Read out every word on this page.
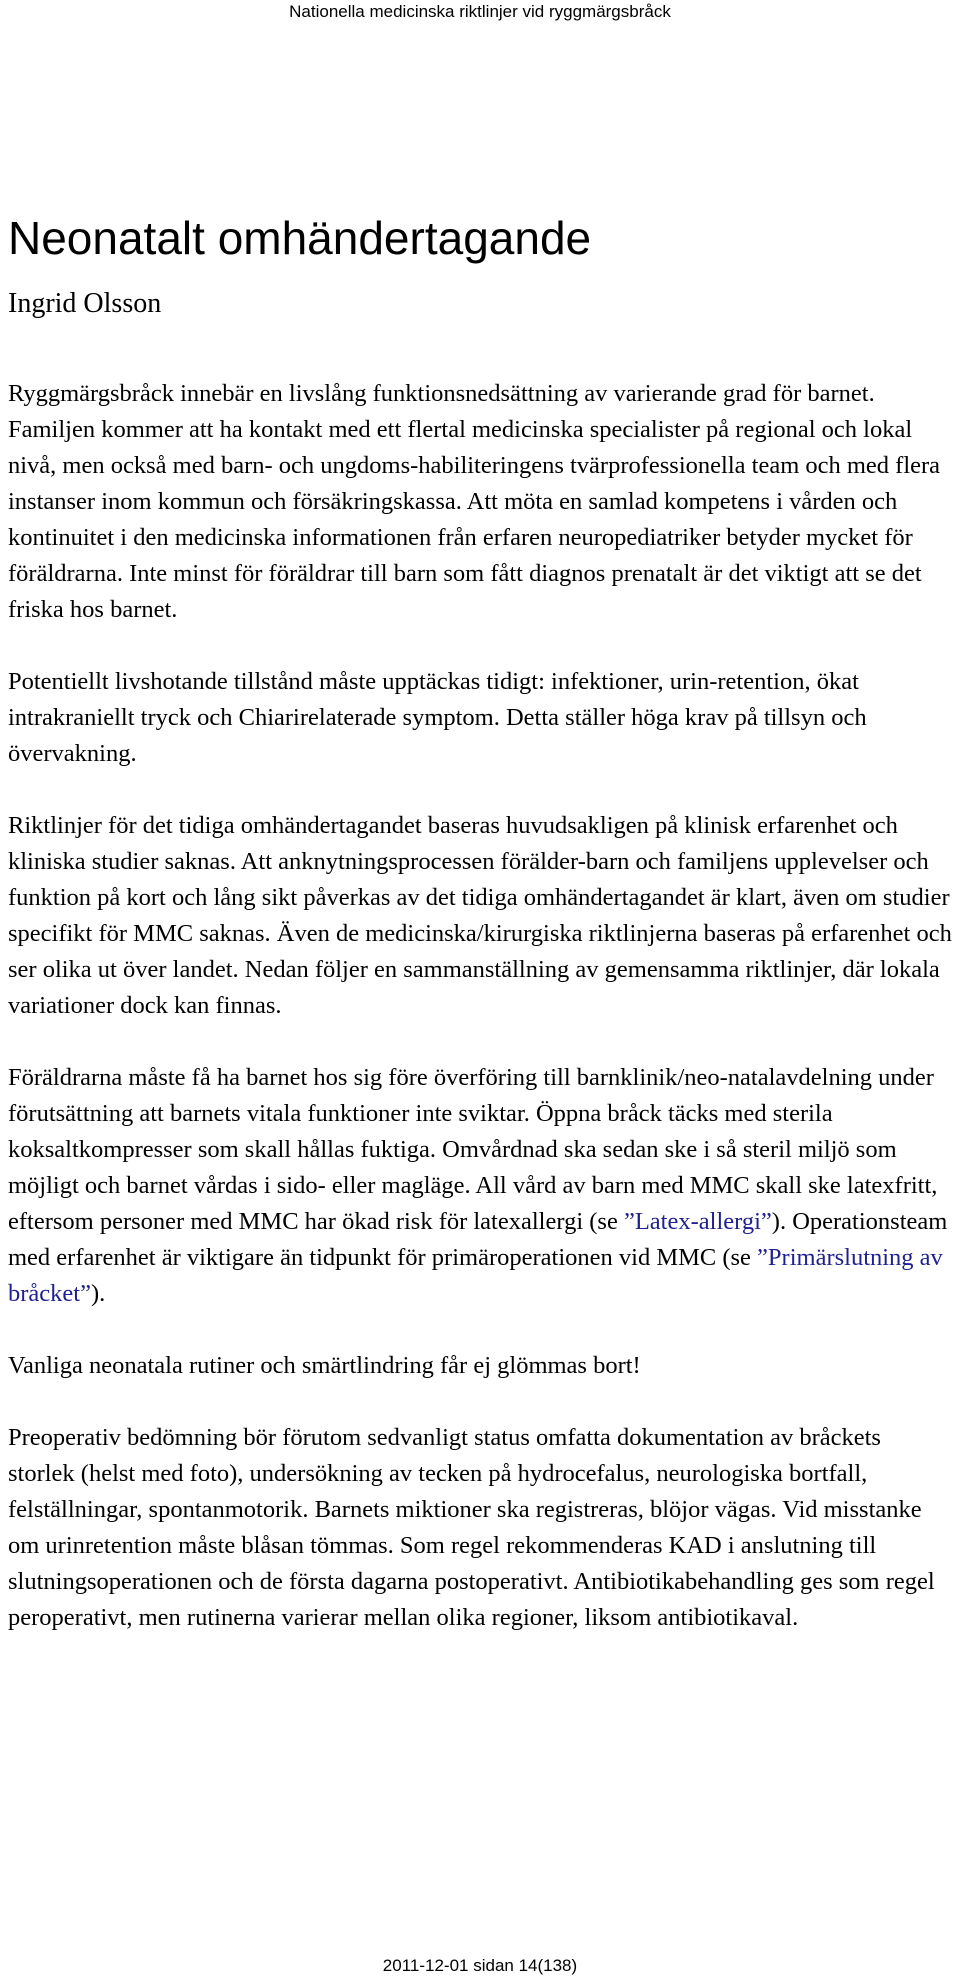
Nationella medicinska riktlinjer vid ryggmärgsbråck
Neonatalt omhändertagande

Ingrid Olsson

Ryggmärgsbråck innebär en livslång funktionsnedsättning av varierande grad för barnet. Familjen kommer att ha kontakt med ett flertal medicinska specialister på regional och lokal nivå, men också med barn- och ungdoms-habiliteringens tvärprofessionella team och med flera instanser inom kommun och försäkringskassa. Att möta en samlad kompetens i vården och kontinuitet i den medicinska informationen från erfaren neuropediatriker betyder mycket för föräldrarna. Inte minst för föräldrar till barn som fått diagnos prenatalt är det viktigt att se det friska hos barnet.

Potentiellt livshotande tillstånd måste upptäckas tidigt: infektioner, urin-retention, ökat intrakraniellt tryck och Chiarirelaterade symptom. Detta ställer höga krav på tillsyn och övervakning.

Riktlinjer för det tidiga omhändertagandet baseras huvudsakligen på klinisk erfarenhet och kliniska studier saknas. Att anknytningsprocessen förälder-barn och familjens upplevelser och funktion på kort och lång sikt påverkas av det tidiga omhändertagandet är klart, även om studier specifikt för MMC saknas. Även de medicinska/kirurgiska riktlinjerna baseras på erfarenhet och ser olika ut över landet. Nedan följer en sammanställning av gemensamma riktlinjer, där lokala variationer dock kan finnas.

Föräldrarna måste få ha barnet hos sig före överföring till barnklinik/neo-natalavdelning under förutsättning att barnets vitala funktioner inte sviktar. Öppna bråck täcks med sterila koksaltkompresser som skall hållas fuktiga. Omvårdnad ska sedan ske i så steril miljö som möjligt och barnet vårdas i sido- eller magläge. All vård av barn med MMC skall ske latexfritt, eftersom personer med MMC har ökad risk för latexallergi (se ”Latex-allergi”). Operationsteam med erfarenhet är viktigare än tidpunkt för primäroperationen vid MMC (se ”Primärslutning av bråcket”).

Vanliga neonatala rutiner och smärtlindring får ej glömmas bort!

Preoperativ bedömning bör förutom sedvanligt status omfatta dokumentation av bråckets storlek (helst med foto), undersökning av tecken på hydrocefalus, neurologiska bortfall, felställningar, spontanmotorik. Barnets miktioner ska registreras, blöjor vägas. Vid misstanke om urinretention måste blåsan tömmas. Som regel rekommenderas KAD i anslutning till slutningsoperationen och de första dagarna postoperativt. Antibiotikabehandling ges som regel peroperativt, men rutinerna varierar mellan olika regioner, liksom antibiotikaval.

2011-12-01 sidan 14(138)
